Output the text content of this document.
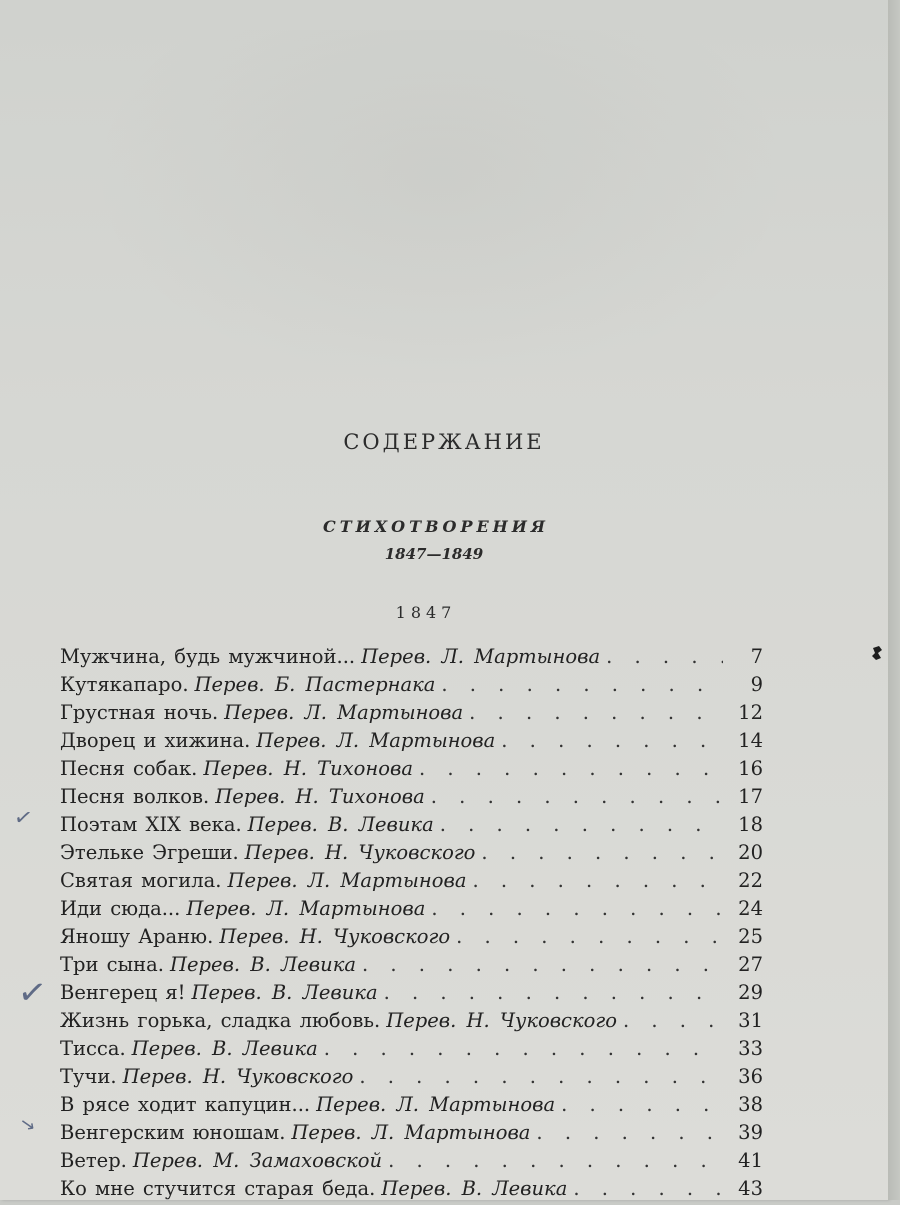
СОДЕРЖАНИЕ
СТИХОТВОРЕНИЯ
1847—1849
1847
Мужчина, будь мужчиной... Перев. Л. Мартынова . . .	7
Кутякапаро. Перев. Б. Пастернака . . .	9
Грустная ночь. Перев. Л. Мартынова . . .	12
Дворец и хижина. Перев. Л. Мартынова . . .	14
Песня собак. Перев. Н. Тихонова . . .	16
Песня волков. Перев. Н. Тихонова . . .	17
Поэтам XIX века. Перев. В. Левика . . .	18
Этельке Эгреши. Перев. Н. Чуковского . . .	20
Святая могила. Перев. Л. Мартынова . . .	22
Иди сюда... Перев. Л. Мартынова . . .	24
Яношу Араню. Перев. Н. Чуковского . . .	25
Три сына. Перев. В. Левика . . .	27
Венгерец я! Перев. В. Левика . . .	29
Жизнь горька, сладка любовь. Перев. Н. Чуковского . . .	31
Тисса. Перев. В. Левика . . .	33
Тучи. Перев. Н. Чуковского . . .	36
В рясе ходит капуцин... Перев. Л. Мартынова . . .	38
Венгерским юношам. Перев. Л. Мартынова . . .	39
Ветер. Перев. М. Замаховской . . .	41
Ко мне стучится старая беда. Перев. В. Левика . . .	43
✓
✓
↘
